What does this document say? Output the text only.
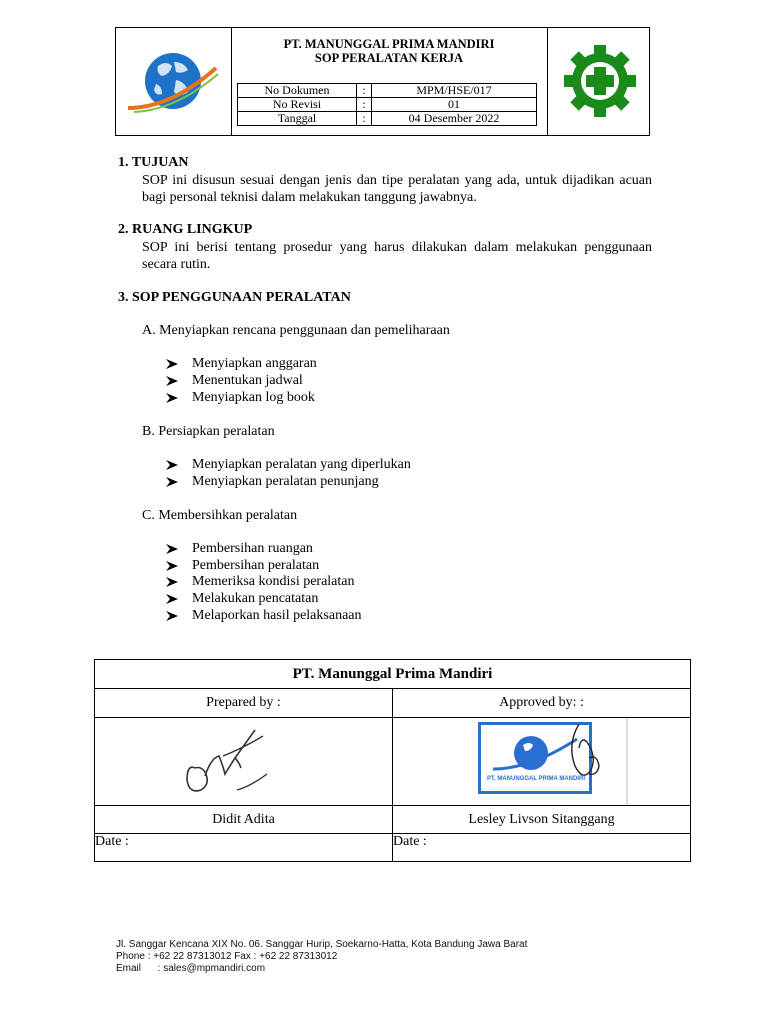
PT. MANUNGGAL PRIMA MANDIRI
SOP PERALATAN KERJA
No Dokumen	:	MPM/HSE/017
No Revisi	:	01
Tanggal	:	04 Desember 2022
1. TUJUAN
SOP ini disusun sesuai dengan jenis dan tipe peralatan yang ada, untuk dijadikan acuan bagi personal teknisi dalam melakukan tanggung jawabnya.
2. RUANG LINGKUP
SOP ini berisi tentang prosedur yang harus dilakukan dalam melakukan penggunaan secara rutin.
3. SOP PENGGUNAAN PERALATAN
A. Menyiapkan rencana penggunaan dan pemeliharaan
Menyiapkan anggaran
Menentukan jadwal
Menyiapkan log book
B. Persiapkan peralatan
Menyiapkan peralatan yang diperlukan
Menyiapkan peralatan penunjang
C. Membersihkan peralatan
Pembersihan ruangan
Pembersihan peralatan
Memeriksa kondisi peralatan
Melakukan pencatatan
Melaporkan hasil pelaksanaan
PT. Manunggal Prima Mandiri	
Prepared by :	Approved by: :

PT. MANUNGGAL PRIMA MANDIRI

Didit Adita	Lesley Livson Sitanggang
Date :	Date :
Jl. Sanggar Kencana XIX No. 06. Sanggar Hurip, Soekarno-Hatta, Kota Bandung Jawa Barat
Phone : +62 22 87313012 Fax : +62 22 87313012
Email      : sales@mpmandiri.com
